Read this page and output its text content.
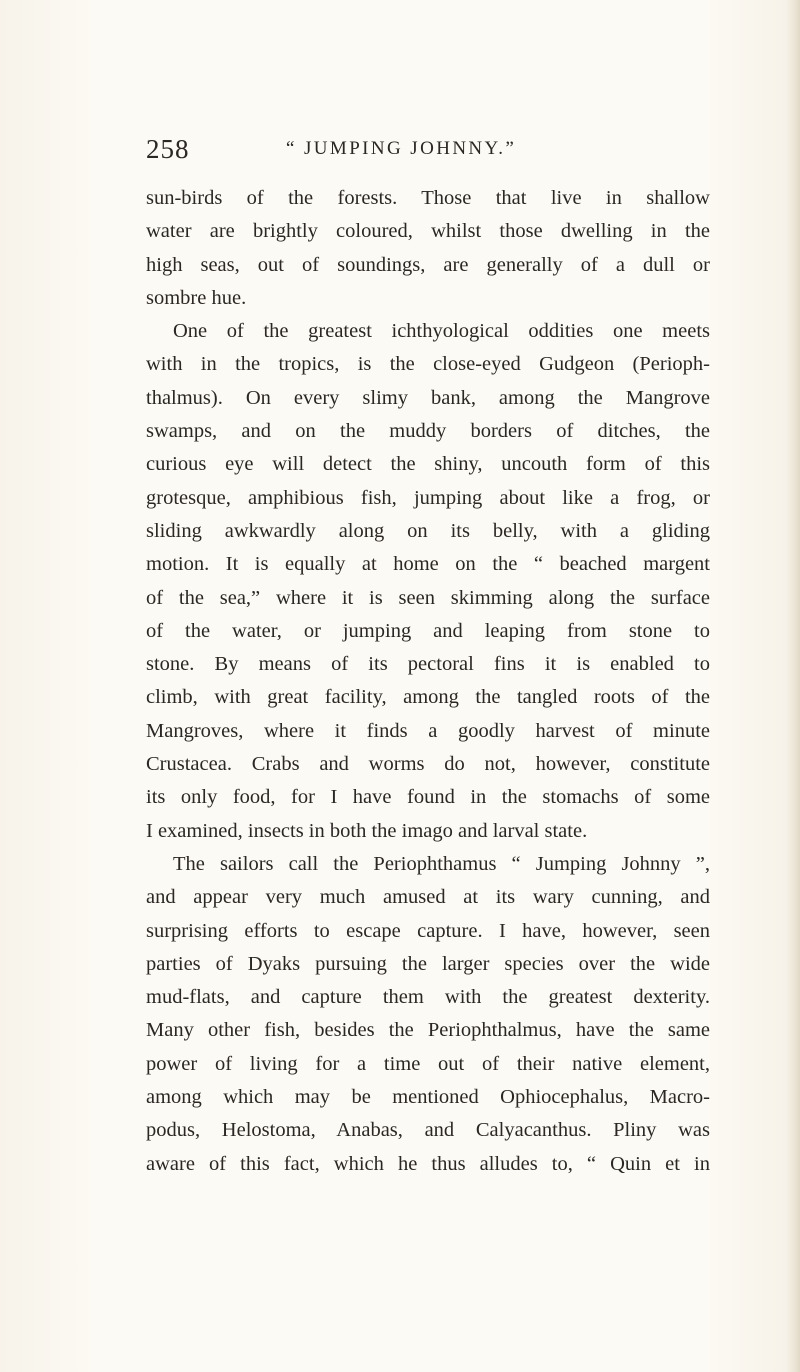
258	“ JUMPING JOHNNY.”
sun-birds of the forests. Those that live in shallow
water are brightly coloured, whilst those dwelling in the
high seas, out of soundings, are generally of a dull or
sombre hue.
One of the greatest ichthyological oddities one meets
with in the tropics, is the close-eyed Gudgeon (Perioph-
thalmus). On every slimy bank, among the Mangrove
swamps, and on the muddy borders of ditches, the
curious eye will detect the shiny, uncouth form of this
grotesque, amphibious fish, jumping about like a frog, or
sliding awkwardly along on its belly, with a gliding
motion. It is equally at home on the “ beached margent
of the sea,” where it is seen skimming along the surface
of the water, or jumping and leaping from stone to
stone. By means of its pectoral fins it is enabled to
climb, with great facility, among the tangled roots of the
Mangroves, where it finds a goodly harvest of minute
Crustacea. Crabs and worms do not, however, constitute
its only food, for I have found in the stomachs of some
I examined, insects in both the imago and larval state.
The sailors call the Periophthamus “ Jumping Johnny ”,
and appear very much amused at its wary cunning, and
surprising efforts to escape capture. I have, however, seen
parties of Dyaks pursuing the larger species over the wide
mud-flats, and capture them with the greatest dexterity.
Many other fish, besides the Periophthalmus, have the same
power of living for a time out of their native element,
among which may be mentioned Ophiocephalus, Macro-
podus, Helostoma, Anabas, and Calyacanthus. Pliny was
aware of this fact, which he thus alludes to, “ Quin et in
